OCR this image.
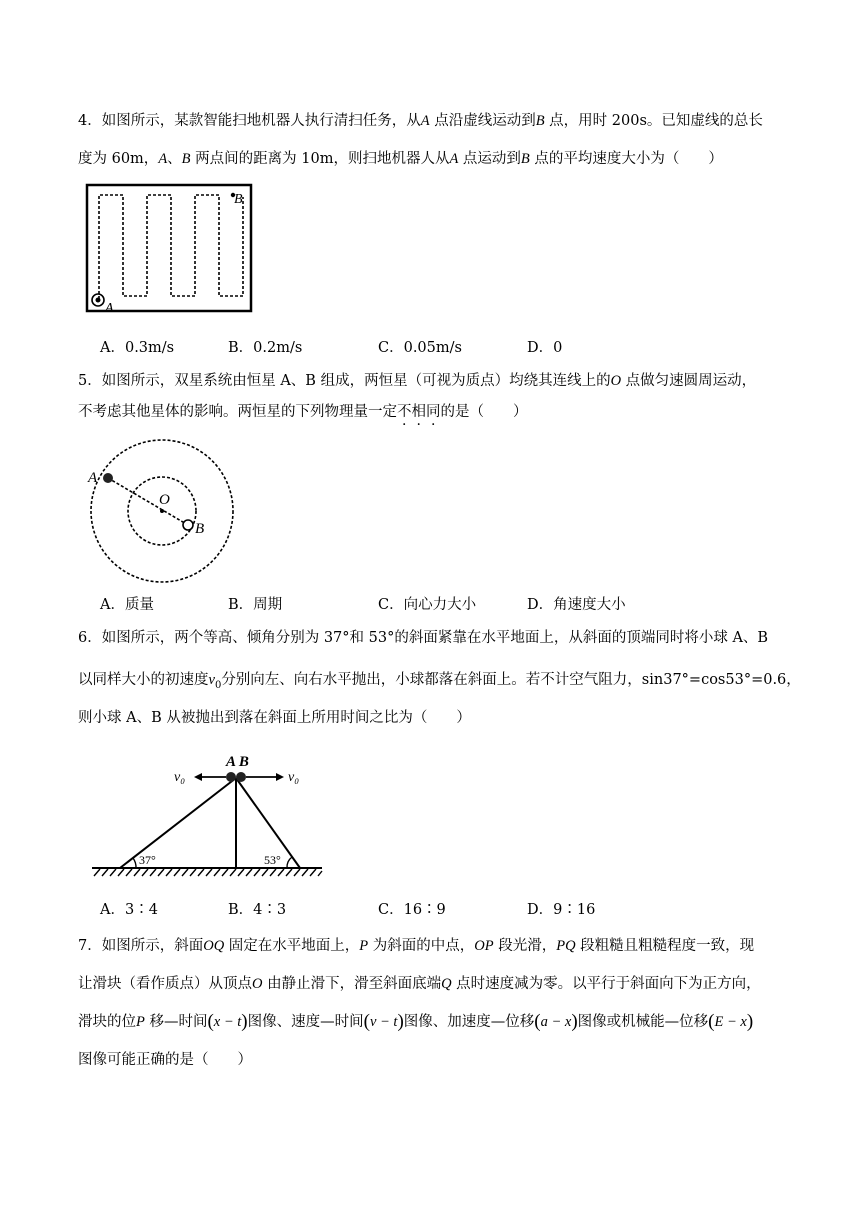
4．如图所示，某款智能扫地机器人执行清扫任务，从A 点沿虚线运动到B 点，用时 200s。已知虚线的总长
度为 60m，A、B 两点间的距离为 10m，则扫地机器人从A 点运动到B 点的平均速度大小为（　　）
A
B
A．0.3m/s	B．0.2m/s	C．0.05m/s	D．0
5．如图所示，双星系统由恒星 A、B 组成，两恒星（可视为质点）均绕其连线上的O 点做匀速圆周运动，
不考虑其他星体的影响。两恒星的下列物理量一定不相同的是（　　）
A
O
B
A．质量	B．周期	C．向心力大小	D．角速度大小
6．如图所示，两个等高、倾角分别为 37°和 53°的斜面紧靠在水平地面上，从斜面的顶端同时将小球 A、B
以同样大小的初速度$v_0$分别向左、向右水平抛出，小球都落在斜面上。若不计空气阻力，sin37°=cos53°=0.6，
则小球 A、B 从被抛出到落在斜面上所用时间之比为（　　）
A B
v₀	v₀
37°	53°
A．3∶4	B．4∶3	C．16∶9	D．9∶16
7．如图所示，斜面OQ 固定在水平地面上，P 为斜面的中点，OP 段光滑，PQ 段粗糙且粗糙程度一致，现
让滑块（看作质点）从顶点O 由静止滑下，滑至斜面底端Q 点时速度减为零。以平行于斜面向下为正方向，
滑块的位P 移—时间(x − t)图像、速度—时间(v − t)图像、加速度—位移(a − x)图像或机械能—位移(E − x)
图像可能正确的是（　　）
